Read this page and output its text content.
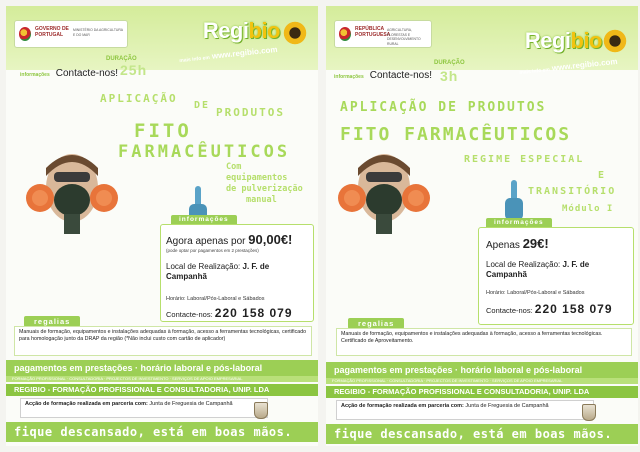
GOVERNO DE PORTUGAL
MINISTÉRIO DA AGRICULTURA E DO MAR	Regibio
mais info em www.regibio.com
informações Contacte-nos!
DURAÇÃO
25h
APLICAÇÃO
DE
PRODUTOS
FITO
FARMACÊUTICOS
Com
equipamentos
de pulverização
manual
informações
Agora apenas por 90,00€!
(pode optar por pagamentos em 2 prestações)
Local de Realização: J. F. de Campanhã
Horário: Laboral/Pós-Laboral e Sábados
Contacte-nos: 220 158 079
regalias
Manuais de formação, equipamentos e instalações adequadas à formação, acesso a ferramentas tecnológicas, certificado para homologação junto da DRAP da região (*Não inclui custo com cartão de aplicador)
pagamentos em prestações · horário laboral e pós-laboral
FORMAÇÃO PROFISSIONAL · CONSULTADORIA · PROJECTOS DE INVESTIMENTO · SERVIÇOS DE APOIO EMPRESARIAL
REGIBIO - FORMAÇÃO PROFISSIONAL E CONSULTADORIA, UNIP. LDA
Acção de formação realizada em parceria com: Junta de Freguesia de Campanhã
fique descansado, está em boas mãos.
REPÚBLICA PORTUGUESA
AGRICULTURA, FLORESTAS E DESENVOLVIMENTO RURAL	Regibio
mais info em www.regibio.com
informações Contacte-nos!
DURAÇÃO
3h
APLICAÇÃO DE PRODUTOS
FITO FARMACÊUTICOS
REGIME ESPECIAL
E
TRANSITÓRIO
Módulo I
informações
Apenas 29€!
Local de Realização: J. F. de Campanhã
Horário: Laboral/Pós-Laboral e Sábados
Contacte-nos: 220 158 079
regalias
Manuais de formação, equipamentos e instalações adequadas à formação, acesso a ferramentas tecnológicas. Certificado de Aproveitamento.
pagamentos em prestações · horário laboral e pós-laboral
FORMAÇÃO PROFISSIONAL · CONSULTADORIA · PROJECTOS DE INVESTIMENTO · SERVIÇOS DE APOIO EMPRESARIAL
REGIBIO - FORMAÇÃO PROFISSIONAL E CONSULTADORIA, UNIP. LDA
Acção de formação realizada em parceria com: Junta de Freguesia de Campanhã
fique descansado, está em boas mãos.
